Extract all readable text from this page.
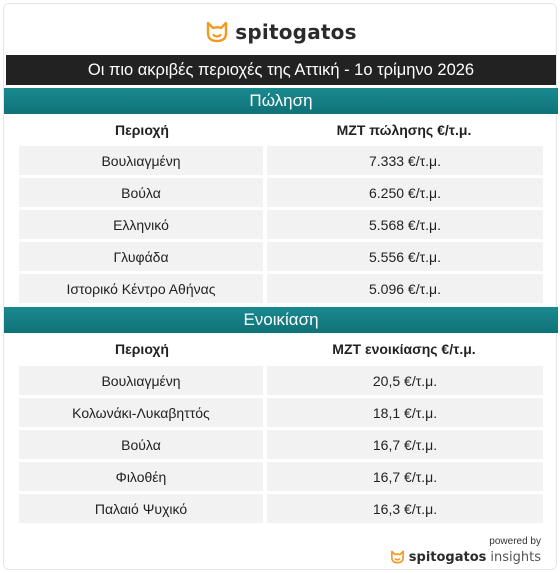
spitogatos
Οι πιο ακριβές περιοχές της Αττική - 1ο τρίμηνο 2026
Πώληση
Περιοχή	ΜΖΤ πώλησης €/τ.μ.
Βουλιαγμένη	7.333 €/τ.μ.
Βούλα	6.250 €/τ.μ.
Ελληνικό	5.568 €/τ.μ.
Γλυφάδα	5.556 €/τ.μ.
Ιστορικό Κέντρο Αθήνας	5.096 €/τ.μ.
Ενοικίαση
Περιοχή	ΜΖΤ ενοικίασης €/τ.μ.
Βουλιαγμένη	20,5 €/τ.μ.
Κολωνάκι-Λυκαβηττός	18,1 €/τ.μ.
Βούλα	16,7 €/τ.μ.
Φιλοθέη	16,7 €/τ.μ.
Παλαιό Ψυχικό	16,3 €/τ.μ.
powered by
spitogatos insights
